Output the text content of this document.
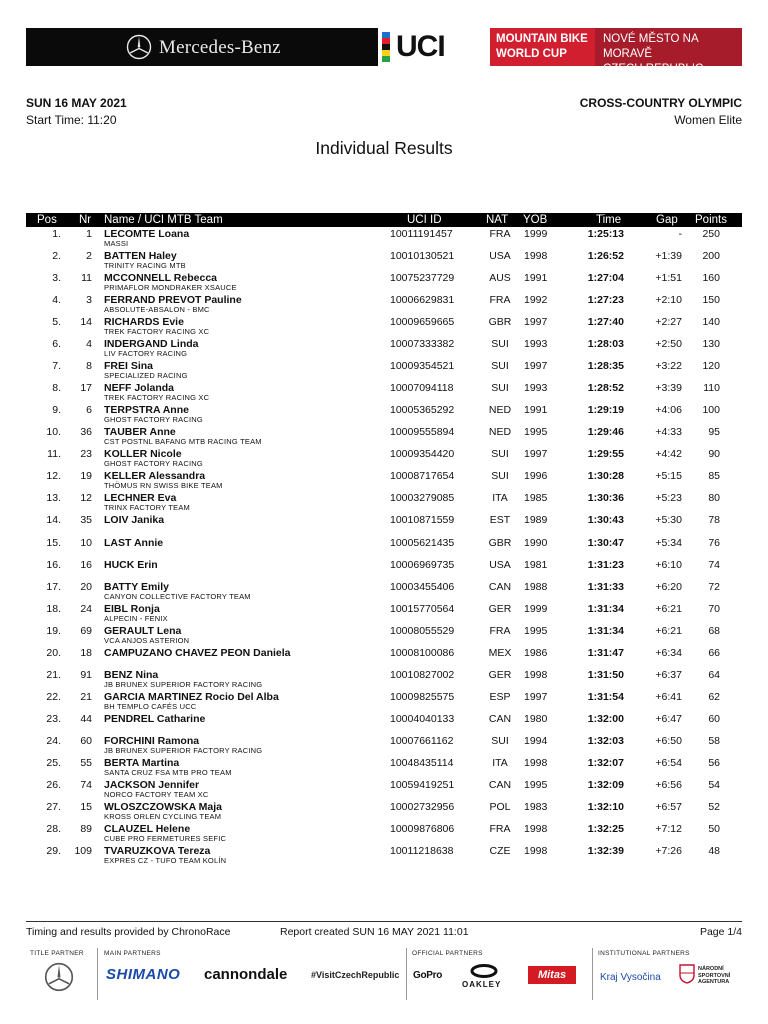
Mercedes-Benz	UCI	MOUNTAIN BIKE
WORLD CUP
NOVÉ MĚSTO NA MORAVĚ
CZECH REPUBLIC
SUN 16 MAY 2021
Start Time: 11:20
CROSS-COUNTRY OLYMPIC
Women Elite
Individual Results
Pos Nr Name / UCI MTB Team	UCI ID	NAT YOB	Time	Gap Points
1.	1 LECOMTE Loana
MASSI
10011191457	FRA	1999	1:25:13	-	250
2.	2 BATTEN Haley
TRINITY RACING MTB
10010130521	USA	1998	1:26:52	+1:39	200
3.	11 MCCONNELL Rebecca
PRIMAFLOR MONDRAKER XSAUCE
10075237729	AUS	1991	1:27:04	+1:51	160
4.	3 FERRAND PREVOT Pauline
ABSOLUTE-ABSALON - BMC
10006629831	FRA	1992	1:27:23	+2:10	150
5.	14 RICHARDS Evie
TREK FACTORY RACING XC
10009659665	GBR	1997	1:27:40	+2:27	140
6.	4 INDERGAND Linda
LIV FACTORY RACING
10007333382	SUI	1993	1:28:03	+2:50	130
7.	8 FREI Sina
SPECIALIZED RACING
10009354521	SUI	1997	1:28:35	+3:22	120
8.	17 NEFF Jolanda
TREK FACTORY RACING XC
10007094118	SUI	1993	1:28:52	+3:39	110
9.	6 TERPSTRA Anne
GHOST FACTORY RACING
10005365292	NED	1991	1:29:19	+4:06	100
10.	36 TAUBER Anne
CST POSTNL BAFANG MTB RACING TEAM
10009555894	NED	1995	1:29:46	+4:33	95
11.	23 KOLLER Nicole
GHOST FACTORY RACING
10009354420	SUI	1997	1:29:55	+4:42	90
12.	19 KELLER Alessandra
THÖMUS RN SWISS BIKE TEAM
10008717654	SUI	1996	1:30:28	+5:15	85
13.	12 LECHNER Eva
TRINX FACTORY TEAM
10003279085	ITA	1985	1:30:36	+5:23	80
14.	35 LOIV Janika	10010871559	EST	1989	1:30:43	+5:30	78
15.	10 LAST Annie	10005621435	GBR	1990	1:30:47	+5:34	76
16.	16 HUCK Erin	10006969735	USA	1981	1:31:23	+6:10	74
17.	20 BATTY Emily
CANYON COLLECTIVE FACTORY TEAM
10003455406	CAN	1988	1:31:33	+6:20	72
18.	24 EIBL Ronja
ALPECIN - FENIX
10015770564	GER	1999	1:31:34	+6:21	70
19.	69 GERAULT Lena
VCA ANJOS ASTERION
10008055529	FRA	1995	1:31:34	+6:21	68
20.	18 CAMPUZANO CHAVEZ PEON Daniela	10008100086	MEX	1986	1:31:47	+6:34	66
21.	91 BENZ Nina
JB BRUNEX SUPERIOR FACTORY RACING
10010827002	GER	1998	1:31:50	+6:37	64
22.	21 GARCIA MARTINEZ Rocio Del Alba
BH TEMPLO CAFÉS UCC
10009825575	ESP	1997	1:31:54	+6:41	62
23.	44 PENDREL Catharine	10004040133	CAN	1980	1:32:00	+6:47	60
24.	60 FORCHINI Ramona
JB BRUNEX SUPERIOR FACTORY RACING
10007661162	SUI	1994	1:32:03	+6:50	58
25.	55 BERTA Martina
SANTA CRUZ FSA MTB PRO TEAM
10048435114	ITA	1998	1:32:07	+6:54	56
26.	74 JACKSON Jennifer
NORCO FACTORY TEAM XC
10059419251	CAN	1995	1:32:09	+6:56	54
27.	15 WLOSZCZOWSKA Maja
KROSS ORLEN CYCLING TEAM
10002732956	POL	1983	1:32:10	+6:57	52
28.	89 CLAUZEL Helene
CUBE PRO FERMETURES SEFIC
10009876806	FRA	1998	1:32:25	+7:12	50
29.	109 TVARUZKOVA Tereza
EXPRES CZ - TUFO TEAM KOLÍN
10011218638	CZE	1998	1:32:39	+7:26	48
Timing and results provided by ChronoRace	Report created SUN 16 MAY 2021 11:01	Page 1/4
TITLE PARTNER	MAIN PARTNERS
SHIMANO cannondale	#VisitCzechRepublic
OFFICIAL PARTNERS
GoPro
OAKLEY
Mitas
INSTITUTIONAL PARTNERS
Kraj Vysočina
NÁRODNÍ
SPORTOVNÍ
AGENTURA
